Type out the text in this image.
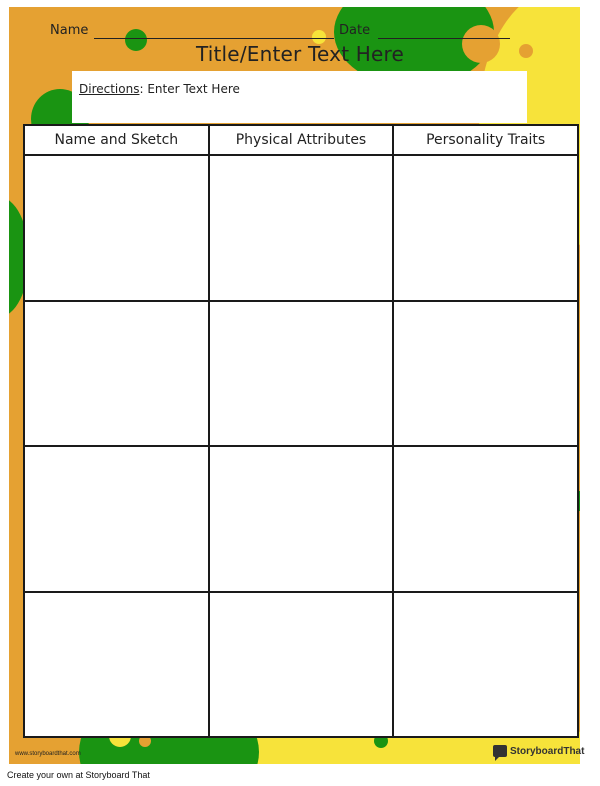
Name	Date
Title/Enter Text Here
Directions: Enter Text Here
Name and Sketch	Physical Attributes	Personality Traits

www.storyboardthat.com	StoryboardThat
Create your own at Storyboard That
